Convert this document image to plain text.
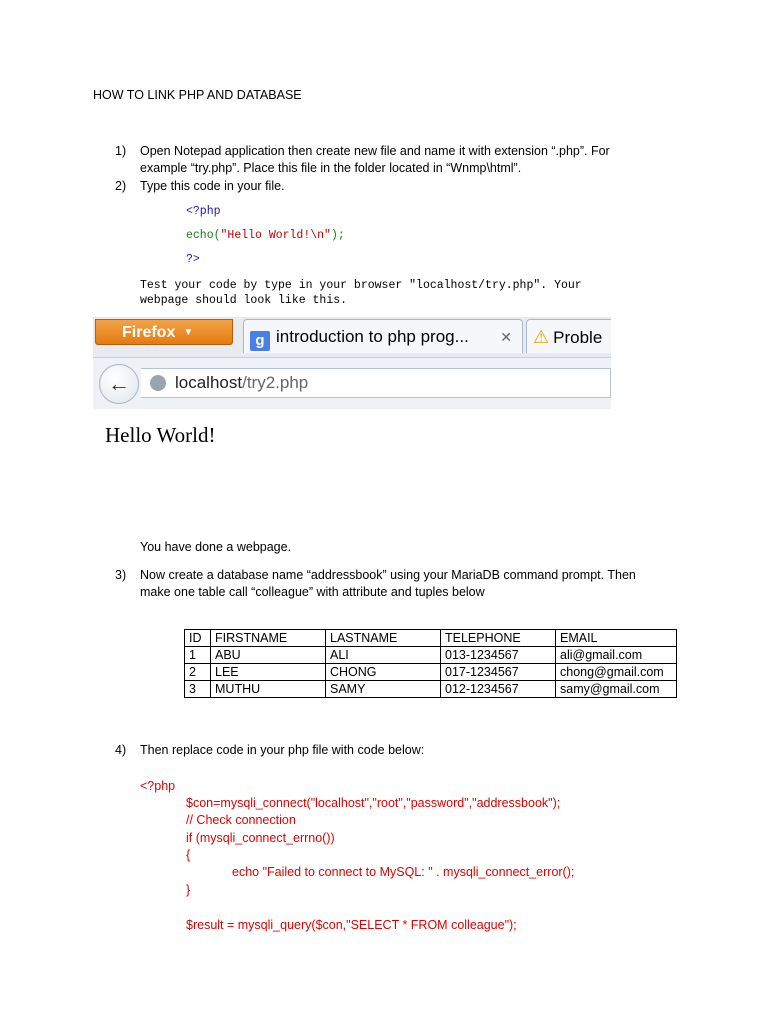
HOW TO LINK PHP AND DATABASE
1)	Open Notepad application then create new file and name it with extension “.php”. For
example “try.php”. Place this file in the folder located in “Wnmp\html”.
2)	Type this code in your file.
<?php
echo("Hello World!\n");
?>
Test your code by type in your browser "localhost/try.php". Your
webpage should look like this.
Firefox ▼	g introduction to php prog... ✕	⚠ Proble
←	localhost/try2.php
Hello World!
You have done a webpage.
3)	Now create a database name “addressbook” using your MariaDB command prompt. Then
make one table call “colleague” with attribute and tuples below
ID	FIRSTNAME	LASTNAME	TELEPHONE	EMAIL
1	ABU	ALI	013-1234567	ali@gmail.com
2	LEE	CHONG	017-1234567	chong@gmail.com
3	MUTHU	SAMY	012-1234567	samy@gmail.com
4)	Then replace code in your php file with code below:
<?php
$con=mysqli_connect("localhost","root","password","addressbook");
// Check connection
if (mysqli_connect_errno())
{
echo "Failed to connect to MySQL: " . mysqli_connect_error();
}
$result = mysqli_query($con,"SELECT * FROM colleague");
